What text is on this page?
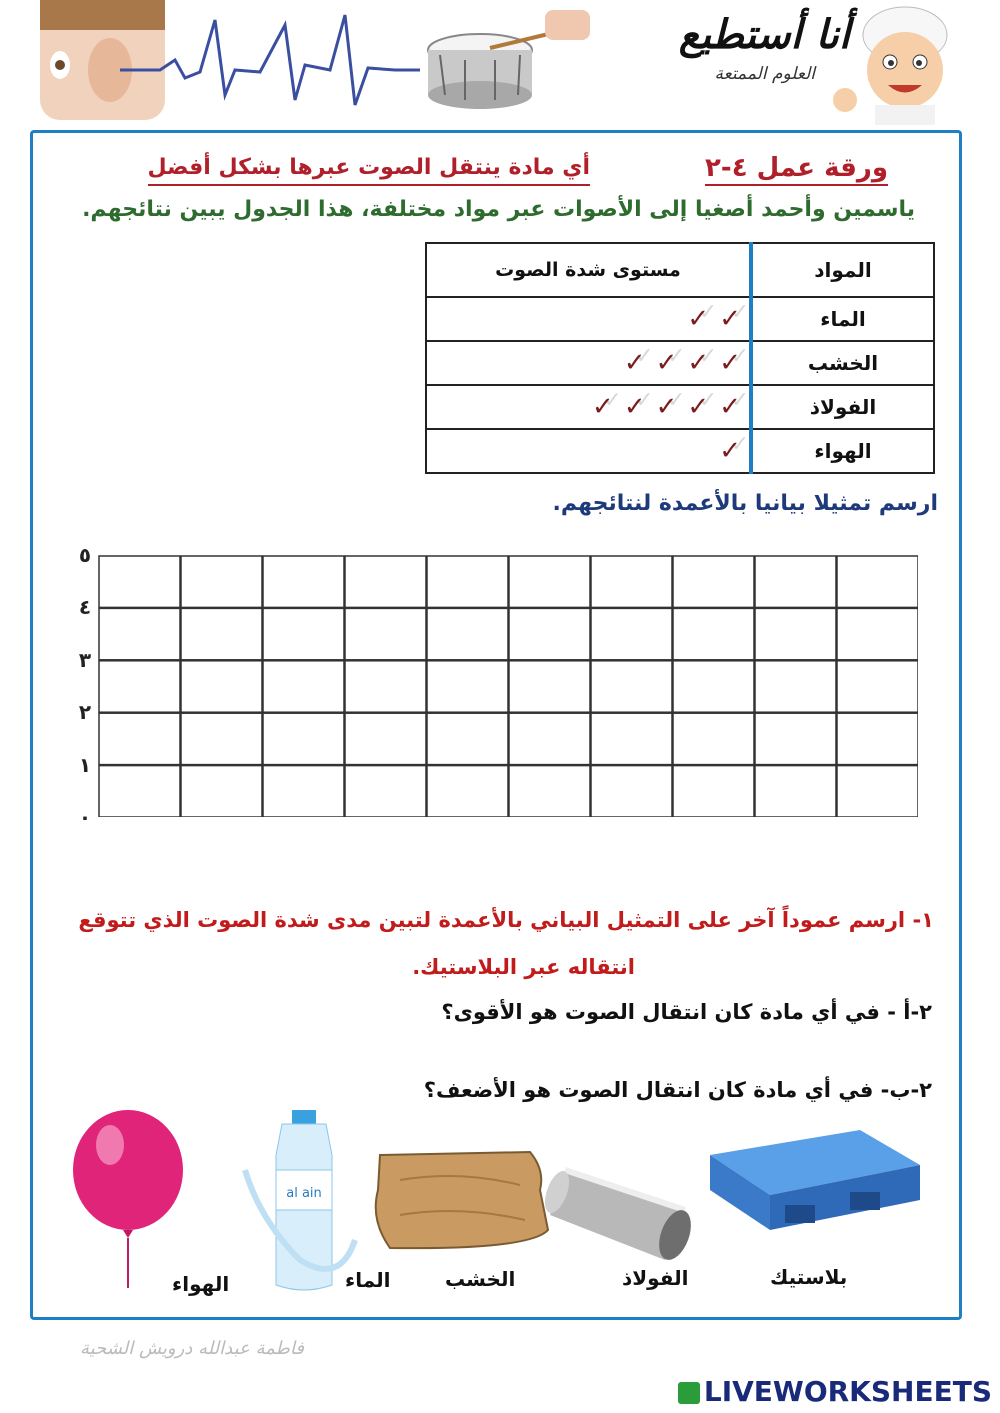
أنا أستطيع
العلوم الممتعة
ورقة عمل ٤-٢
أي مادة ينتقل الصوت عبرها بشكل أفضل
ياسمين وأحمد أصغيا إلى الأصوات عبر مواد مختلفة، هذا الجدول يبين نتائجهم.
المواد	مستوى شدة الصوت
الماء	✓ ✓✓ ✓
الخشب	✓ ✓✓ ✓✓ ✓✓ ✓
الفولاذ	✓ ✓✓ ✓✓ ✓✓ ✓✓ ✓
الهواء	✓ ✓
ارسم تمثيلا بيانيا بالأعمدة لنتائجهم.
٥
٤
٣
٢
١
٠
١- ارسم عموداً آخر على التمثيل البياني بالأعمدة لتبين مدى شدة الصوت الذي تتوقع
انتقاله عبر البلاستيك.
٢-أ - في أي مادة كان انتقال الصوت هو الأقوى؟
٢-ب- في أي مادة كان انتقال الصوت هو الأضعف؟
al ain
بلاستيك
الفولاذ
الخشب
الماء
الهواء
فاطمة عبدالله درويش الشحية
LIVEWORKSHEETS
